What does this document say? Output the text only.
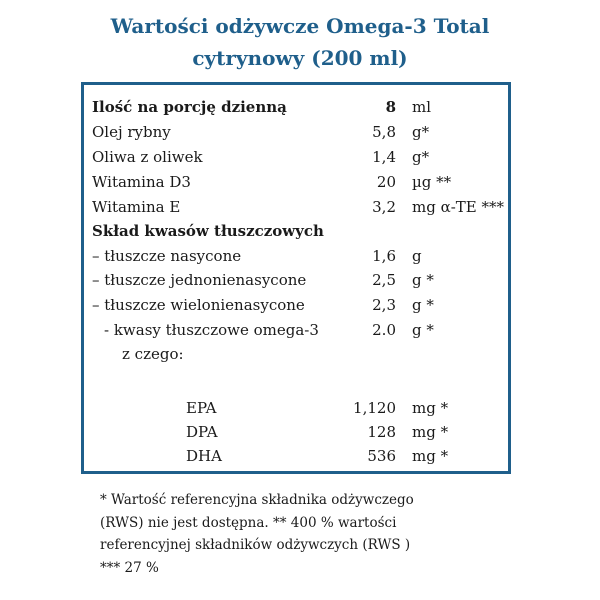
Wartości odżywcze Omega-3 Total
cytrynowy (200 ml)
Ilość na porcję dzienną	8 ml
Olej rybny	5,8 g*
Oliwa z oliwek	1,4 g*
Witamina D3	20 µg **
Witamina E	3,2 mg α-TE ***
Skład kwasów tłuszczowych
– tłuszcze nasycone	1,6 g
– tłuszcze jednonienasycone	2,5 g *
– tłuszcze wielonienasycone	2,3 g *
- kwasy tłuszczowe omega-3	2.0 g *
z czego:
EPA	1,120 mg *
DPA	128 mg *
DHA	536 mg *
* Wartość referencyjna składnika odżywczego
(RWS) nie jest dostępna. ** 400 % wartości
referencyjnej składników odżywczych (RWS )
*** 27 %
